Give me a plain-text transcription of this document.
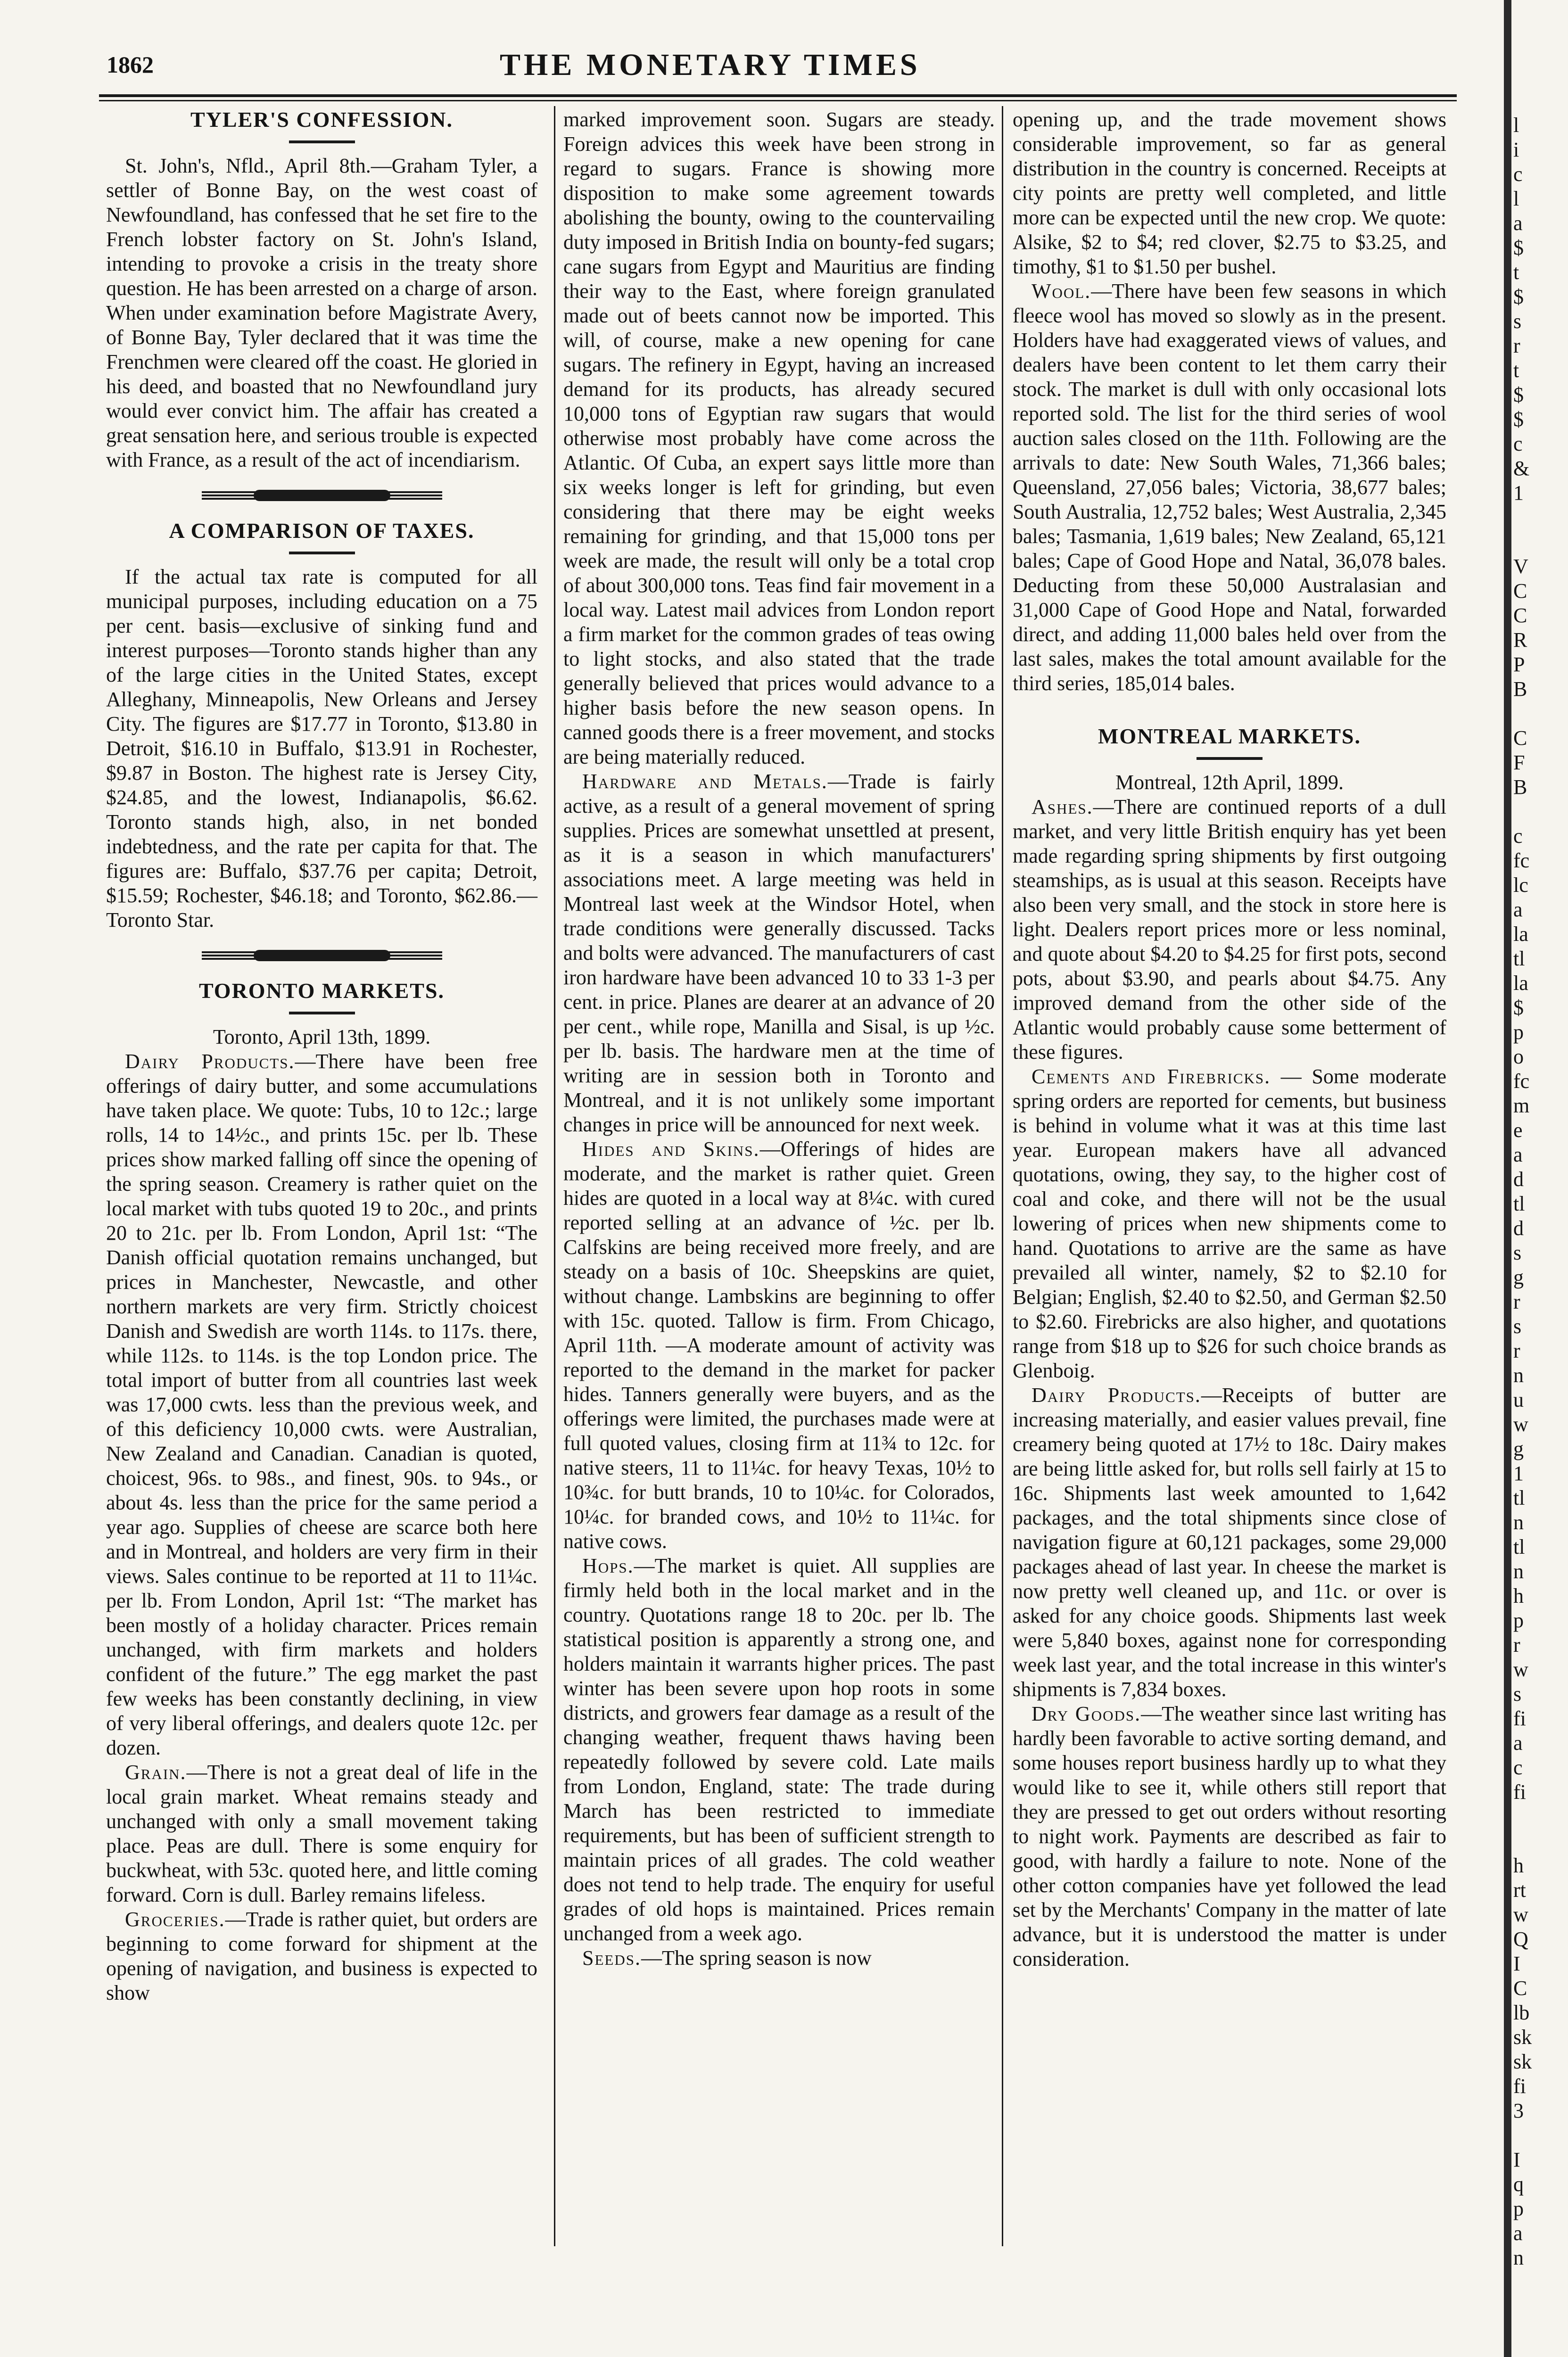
1862	THE MONETARY TIMES
TYLER'S CONFESSION.

St. John's, Nfld., April 8th.—Graham Tyler, a settler of Bonne Bay, on the west coast of Newfoundland, has confessed that he set fire to the French lobster factory on St. John's Island, intending to provoke a crisis in the treaty shore question. He has been arrested on a charge of arson. When under examination before Magistrate Avery, of Bonne Bay, Tyler declared that it was time the Frenchmen were cleared off the coast. He gloried in his deed, and boasted that no Newfoundland jury would ever convict him. The affair has created a great sensation here, and serious trouble is expected with France, as a result of the act of incendiarism.

A COMPARISON OF TAXES.

If the actual tax rate is computed for all municipal purposes, including education on a 75 per cent. basis—exclusive of sinking fund and interest purposes—Toronto stands higher than any of the large cities in the United States, except Alleghany, Minneapolis, New Orleans and Jersey City. The figures are $17.77 in Toronto, $13.80 in Detroit, $16.10 in Buffalo, $13.91 in Rochester, $9.87 in Boston. The highest rate is Jersey City, $24.85, and the lowest, Indianapolis, $6.62. Toronto stands high, also, in net bonded indebtedness, and the rate per capita for that. The figures are: Buffalo, $37.76 per capita; Detroit, $15.59; Rochester, $46.18; and Toronto, $62.86.—Toronto Star.

TORONTO MARKETS.

Toronto, April 13th, 1899.

Dairy Products.—There have been free offerings of dairy butter, and some accumulations have taken place. We quote: Tubs, 10 to 12c.; large rolls, 14 to 14½c., and prints 15c. per lb. These prices show marked falling off since the opening of the spring season. Creamery is rather quiet on the local market with tubs quoted 19 to 20c., and prints 20 to 21c. per lb. From London, April 1st: “The Danish official quotation remains unchanged, but prices in Manchester, Newcastle, and other northern markets are very firm. Strictly choicest Danish and Swedish are worth 114s. to 117s. there, while 112s. to 114s. is the top London price. The total import of butter from all countries last week was 17,000 cwts. less than the previous week, and of this deficiency 10,000 cwts. were Australian, New Zealand and Canadian. Canadian is quoted, choicest, 96s. to 98s., and finest, 90s. to 94s., or about 4s. less than the price for the same period a year ago. Supplies of cheese are scarce both here and in Montreal, and holders are very firm in their views. Sales continue to be reported at 11 to 11¼c. per lb. From London, April 1st: “The market has been mostly of a holiday character. Prices remain unchanged, with firm markets and holders confident of the future.” The egg market the past few weeks has been constantly declining, in view of very liberal offerings, and dealers quote 12c. per dozen.

Grain.—There is not a great deal of life in the local grain market. Wheat remains steady and unchanged with only a small movement taking place. Peas are dull. There is some enquiry for buckwheat, with 53c. quoted here, and little coming forward. Corn is dull. Barley remains lifeless.

Groceries.—Trade is rather quiet, but orders are beginning to come forward for shipment at the opening of navigation, and business is expected to show

marked improvement soon. Sugars are steady. Foreign advices this week have been strong in regard to sugars. France is showing more disposition to make some agreement towards abolishing the bounty, owing to the countervailing duty imposed in British India on bounty-fed sugars; cane sugars from Egypt and Mauritius are finding their way to the East, where foreign granulated made out of beets cannot now be imported. This will, of course, make a new opening for cane sugars. The refinery in Egypt, having an increased demand for its products, has already secured 10,000 tons of Egyptian raw sugars that would otherwise most probably have come across the Atlantic. Of Cuba, an expert says little more than six weeks longer is left for grinding, but even considering that there may be eight weeks remaining for grinding, and that 15,000 tons per week are made, the result will only be a total crop of about 300,000 tons. Teas find fair movement in a local way. Latest mail advices from London report a firm market for the common grades of teas owing to light stocks, and also stated that the trade generally believed that prices would advance to a higher basis before the new season opens. In canned goods there is a freer movement, and stocks are being materially reduced.

Hardware and Metals.—Trade is fairly active, as a result of a general movement of spring supplies. Prices are somewhat unsettled at present, as it is a season in which manufacturers' associations meet. A large meeting was held in Montreal last week at the Windsor Hotel, when trade conditions were generally discussed. Tacks and bolts were advanced. The manufacturers of cast iron hardware have been advanced 10 to 33 1-3 per cent. in price. Planes are dearer at an advance of 20 per cent., while rope, Manilla and Sisal, is up ½c. per lb. basis. The hardware men at the time of writing are in session both in Toronto and Montreal, and it is not unlikely some important changes in price will be announced for next week.

Hides and Skins.—Offerings of hides are moderate, and the market is rather quiet. Green hides are quoted in a local way at 8¼c. with cured reported selling at an advance of ½c. per lb. Calfskins are being received more freely, and are steady on a basis of 10c. Sheepskins are quiet, without change. Lambskins are beginning to offer with 15c. quoted. Tallow is firm. From Chicago, April 11th. —A moderate amount of activity was reported to the demand in the market for packer hides. Tanners generally were buyers, and as the offerings were limited, the purchases made were at full quoted values, closing firm at 11¾ to 12c. for native steers, 11 to 11¼c. for heavy Texas, 10½ to 10¾c. for butt brands, 10 to 10¼c. for Colorados, 10¼c. for branded cows, and 10½ to 11¼c. for native cows.

Hops.—The market is quiet. All supplies are firmly held both in the local market and in the country. Quotations range 18 to 20c. per lb. The statistical position is apparently a strong one, and holders maintain it warrants higher prices. The past winter has been severe upon hop roots in some districts, and growers fear damage as a result of the changing weather, frequent thaws having been repeatedly followed by severe cold. Late mails from London, England, state: The trade during March has been restricted to immediate requirements, but has been of sufficient strength to maintain prices of all grades. The cold weather does not tend to help trade. The enquiry for useful grades of old hops is maintained. Prices remain unchanged from a week ago.

Seeds.—The spring season is now

opening up, and the trade movement shows considerable improvement, so far as general distribution in the country is concerned. Receipts at city points are pretty well completed, and little more can be expected until the new crop. We quote: Alsike, $2 to $4; red clover, $2.75 to $3.25, and timothy, $1 to $1.50 per bushel.

Wool.—There have been few seasons in which fleece wool has moved so slowly as in the present. Holders have had exaggerated views of values, and dealers have been content to let them carry their stock. The market is dull with only occasional lots reported sold. The list for the third series of wool auction sales closed on the 11th. Following are the arrivals to date: New South Wales, 71,366 bales; Queensland, 27,056 bales; Victoria, 38,677 bales; South Australia, 12,752 bales; West Australia, 2,345 bales; Tasmania, 1,619 bales; New Zealand, 65,121 bales; Cape of Good Hope and Natal, 36,078 bales. Deducting from these 50,000 Australasian and 31,000 Cape of Good Hope and Natal, forwarded direct, and adding 11,000 bales held over from the last sales, makes the total amount available for the third series, 185,014 bales.

MONTREAL MARKETS.

Montreal, 12th April, 1899.

Ashes.—There are continued reports of a dull market, and very little British enquiry has yet been made regarding spring shipments by first outgoing steamships, as is usual at this season. Receipts have also been very small, and the stock in store here is light. Dealers report prices more or less nominal, and quote about $4.20 to $4.25 for first pots, second pots, about $3.90, and pearls about $4.75. Any improved demand from the other side of the Atlantic would probably cause some betterment of these figures.

Cements and Firebricks. — Some moderate spring orders are reported for cements, but business is behind in volume what it was at this time last year. European makers have all advanced quotations, owing, they say, to the higher cost of coal and coke, and there will not be the usual lowering of prices when new shipments come to hand. Quotations to arrive are the same as have prevailed all winter, namely, $2 to $2.10 for Belgian; English, $2.40 to $2.50, and German $2.50 to $2.60. Firebricks are also higher, and quotations range from $18 up to $26 for such choice brands as Glenboig.

Dairy Products.—Receipts of butter are increasing materially, and easier values prevail, fine creamery being quoted at 17½ to 18c. Dairy makes are being little asked for, but rolls sell fairly at 15 to 16c. Shipments last week amounted to 1,642 packages, and the total shipments since close of navigation figure at 60,121 packages, some 29,000 packages ahead of last year. In cheese the market is now pretty well cleaned up, and 11c. or over is asked for any choice goods. Shipments last week were 5,840 boxes, against none for corresponding week last year, and the total increase in this winter's shipments is 7,834 boxes.

Dry Goods.—The weather since last writing has hardly been favorable to active sorting demand, and some houses report business hardly up to what they would like to see it, while others still report that they are pressed to get out orders without resorting to night work. Payments are described as fair to good, with hardly a failure to note. None of the other cotton companies have yet followed the lead set by the Merchants' Company in the matter of late advance, but it is understood the matter is under consideration.

l
i
c
l
a
$
t
$
s
r
t
$
$
c
&
1
V
C
C
R
P
B
C
F
B
c
fc
lc
a
la
tl
la
$
p
o
fc
m
e
a
d
tl
d
s
g
r
s
r
n
u
w
g
1
tl
n
tl
n
h
p
r
w
s
fi
a
c
fi
h
rt
w
Q
I
C
lb
sk
sk
fi
3
I
q
p
a
n
